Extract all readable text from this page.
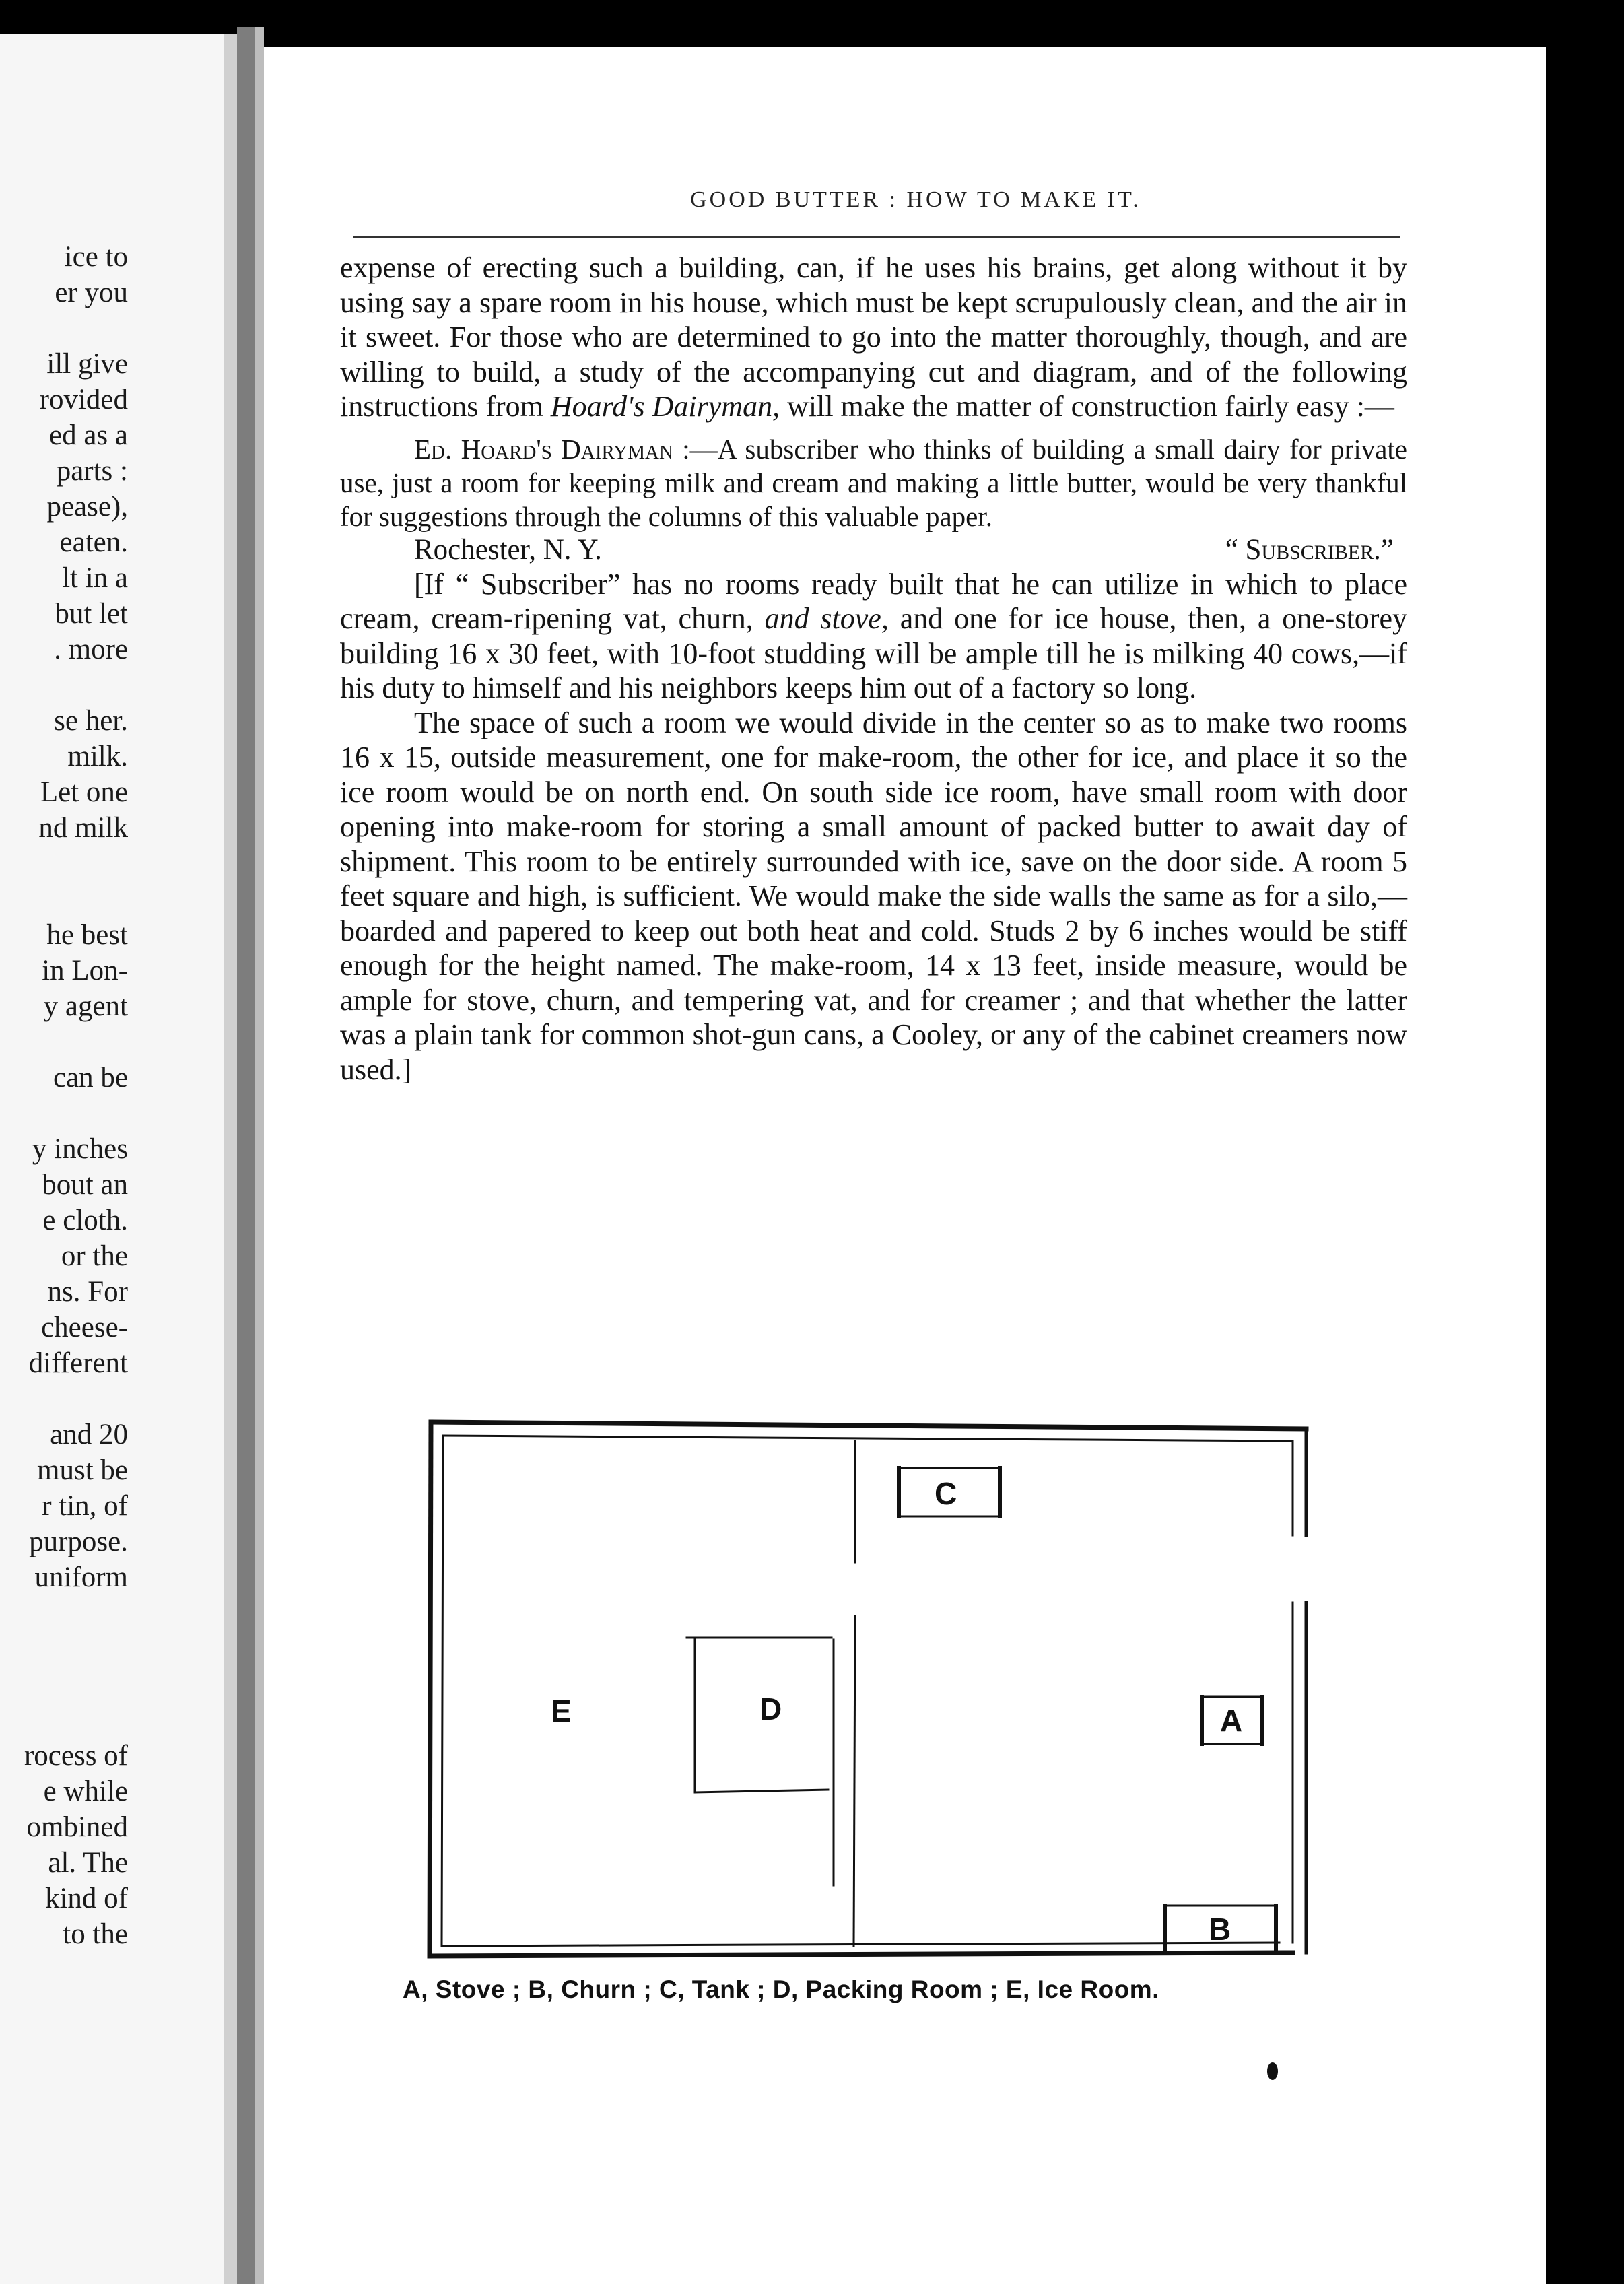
ice to
er you
ill give
rovided
ed as a
parts :
pease),
eaten.
lt in a
but let
. more
se her.
milk.
Let one
nd milk
he best
in Lon-
y agent
can be
y inches
bout an
e cloth.
or the
ns. For
cheese-
different
and 20
must be
r tin, of
purpose.
uniform
rocess of
e while
ombined
al. The
kind of
to the
GOOD BUTTER : HOW TO MAKE IT.

expense of erecting such a building, can, if he uses his brains, get along without it by using say a spare room in his house, which must be kept scrupulously clean, and the air in it sweet. For those who are determined to go into the matter thoroughly, though, and are willing to build, a study of the accompanying cut and diagram, and of the following instructions from Hoard's Dairyman, will make the matter of construction fairly easy :—

Ed. Hoard's Dairyman :—A subscriber who thinks of building a small dairy for private use, just a room for keeping milk and cream and making a little butter, would be very thankful for suggestions through the columns of this valuable paper.

Rochester, N. Y.	“ Subscriber.”

[If “ Subscriber” has no rooms ready built that he can utilize in which to place cream, cream-ripening vat, churn, and stove, and one for ice house, then, a one-storey building 16 x 30 feet, with 10-foot studding will be ample till he is milking 40 cows,—if his duty to himself and his neighbors keeps him out of a factory so long.

The space of such a room we would divide in the center so as to make two rooms 16 x 15, outside measurement, one for make-room, the other for ice, and place it so the ice room would be on north end. On south side ice room, have small room with door opening into make-room for storing a small amount of packed butter to await day of shipment. This room to be entirely surrounded with ice, save on the door side. A room 5 feet square and high, is sufficient. We would make the side walls the same as for a silo,—boarded and papered to keep out both heat and cold. Studs 2 by 6 inches would be stiff enough for the height named. The make-room, 14 x 13 feet, inside measure, would be ample for stove, churn, and tempering vat, and for creamer ; and that whether the latter was a plain tank for common shot-gun cans, a Cooley, or any of the cabinet creamers now used.]

C
E	D	A
B
A, Stove ; B, Churn ; C, Tank ; D, Packing Room ; E, Ice Room.
